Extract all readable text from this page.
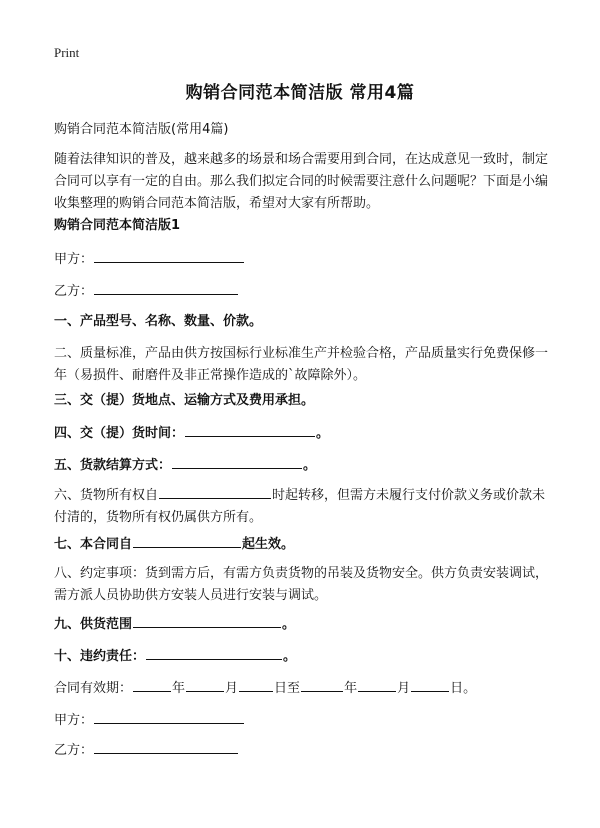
Print
购销合同范本简洁版 常用4篇

购销合同范本简洁版(常用4篇)

随着法律知识的普及，越来越多的场景和场合需要用到合同，在达成意见一致时，制定合同可以享有一定的自由。那么我们拟定合同的时候需要注意什么问题呢？下面是小编收集整理的购销合同范本简洁版，希望对大家有所帮助。

购销合同范本简洁版1

甲方：

乙方：

一、产品型号、名称、数量、价款。

二、质量标准，产品由供方按国标行业标准生产并检验合格，产品质量实行免费保修一年（易损件、耐磨件及非正常操作造成的`故障除外）。

三、交（提）货地点、运输方式及费用承担。

四、交（提）货时间：	。

五、货款结算方式：	。

六、货物所有权自	时起转移，但需方未履行支付价款义务或价款未付清的，货物所有权仍属供方所有。

七、本合同自	起生效。

八、约定事项：货到需方后，有需方负责货物的吊装及货物安全。供方负责安装调试，需方派人员协助供方安装人员进行安装与调试。

九、供货范围	。

十、违约责任：	。

合同有效期：	年	月	日至	年	月	日。

甲方：

乙方：
